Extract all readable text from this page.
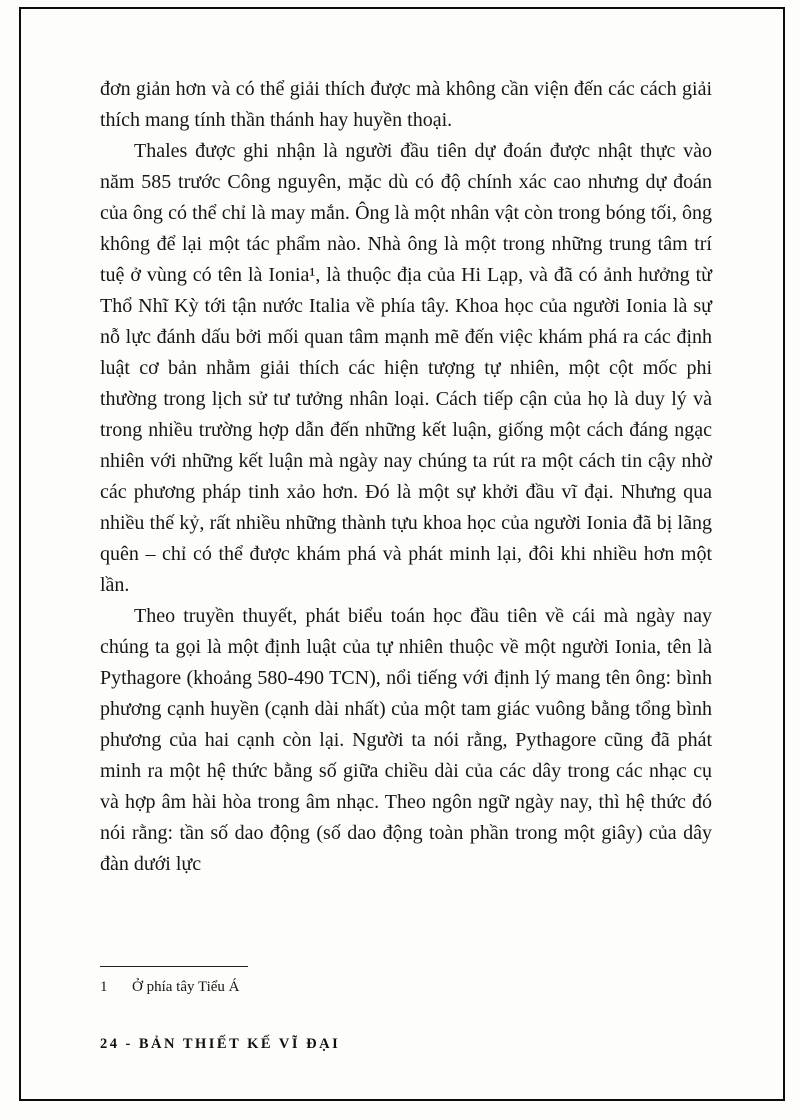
đơn giản hơn và có thể giải thích được mà không cần viện đến các cách giải thích mang tính thần thánh hay huyền thoại.

Thales được ghi nhận là người đầu tiên dự đoán được nhật thực vào năm 585 trước Công nguyên, mặc dù có độ chính xác cao nhưng dự đoán của ông có thể chỉ là may mắn. Ông là một nhân vật còn trong bóng tối, ông không để lại một tác phẩm nào. Nhà ông là một trong những trung tâm trí tuệ ở vùng có tên là Ionia¹, là thuộc địa của Hi Lạp, và đã có ảnh hưởng từ Thổ Nhĩ Kỳ tới tận nước Italia về phía tây. Khoa học của người Ionia là sự nỗ lực đánh dấu bởi mối quan tâm mạnh mẽ đến việc khám phá ra các định luật cơ bản nhằm giải thích các hiện tượng tự nhiên, một cột mốc phi thường trong lịch sử tư tưởng nhân loại. Cách tiếp cận của họ là duy lý và trong nhiều trường hợp dẫn đến những kết luận, giống một cách đáng ngạc nhiên với những kết luận mà ngày nay chúng ta rút ra một cách tin cậy nhờ các phương pháp tinh xảo hơn. Đó là một sự khởi đầu vĩ đại. Nhưng qua nhiều thế kỷ, rất nhiều những thành tựu khoa học của người Ionia đã bị lãng quên – chỉ có thể được khám phá và phát minh lại, đôi khi nhiều hơn một lần.

Theo truyền thuyết, phát biểu toán học đầu tiên về cái mà ngày nay chúng ta gọi là một định luật của tự nhiên thuộc về một người Ionia, tên là Pythagore (khoảng 580-490 TCN), nổi tiếng với định lý mang tên ông: bình phương cạnh huyền (cạnh dài nhất) của một tam giác vuông bằng tổng bình phương của hai cạnh còn lại. Người ta nói rằng, Pythagore cũng đã phát minh ra một hệ thức bằng số giữa chiều dài của các dây trong các nhạc cụ và hợp âm hài hòa trong âm nhạc. Theo ngôn ngữ ngày nay, thì hệ thức đó nói rằng: tần số dao động (số dao động toàn phần trong một giây) của dây đàn dưới lực

1 Ở phía tây Tiểu Á
24 - BẢN THIẾT KẾ VĨ ĐẠI
